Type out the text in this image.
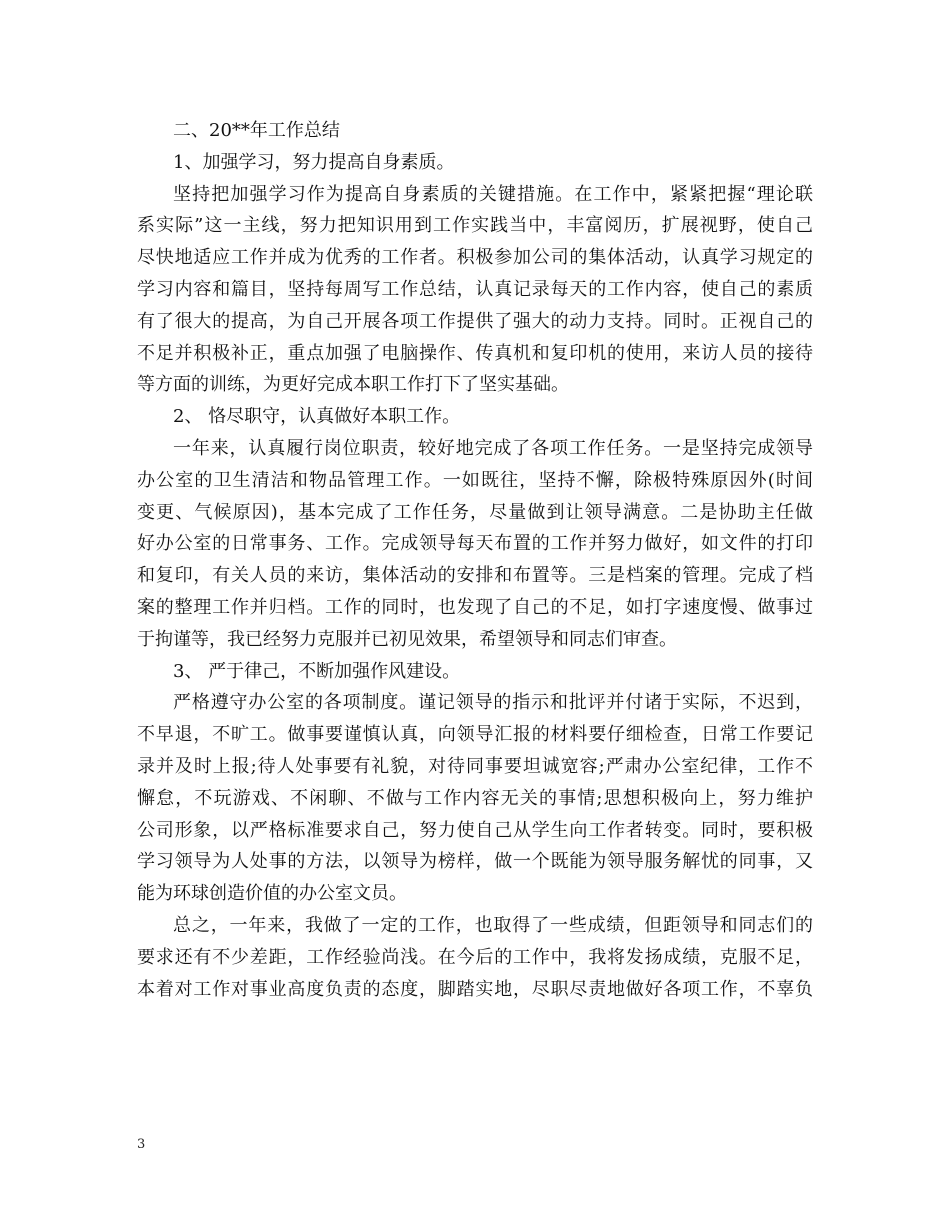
二、20**年工作总结
1、加强学习，努力提高自身素质。
坚持把加强学习作为提高自身素质的关键措施。在工作中，紧紧把握“理论联
系实际”这一主线，努力把知识用到工作实践当中，丰富阅历，扩展视野，使自己
尽快地适应工作并成为优秀的工作者。积极参加公司的集体活动，认真学习规定的
学习内容和篇目，坚持每周写工作总结，认真记录每天的工作内容，使自己的素质
有了很大的提高，为自己开展各项工作提供了强大的动力支持。同时。正视自己的
不足并积极补正，重点加强了电脑操作、传真机和复印机的使用，来访人员的接待
等方面的训练，为更好完成本职工作打下了坚实基础。
2、 恪尽职守，认真做好本职工作。
一年来，认真履行岗位职责，较好地完成了各项工作任务。一是坚持完成领导
办公室的卫生清洁和物品管理工作。一如既往，坚持不懈，除极特殊原因外(时间
变更、气候原因)，基本完成了工作任务，尽量做到让领导满意。二是协助主任做
好办公室的日常事务、工作。完成领导每天布置的工作并努力做好，如文件的打印
和复印，有关人员的来访，集体活动的安排和布置等。三是档案的管理。完成了档
案的整理工作并归档。工作的同时，也发现了自己的不足，如打字速度慢、做事过
于拘谨等，我已经努力克服并已初见效果，希望领导和同志们审查。
3、 严于律己，不断加强作风建设。
严格遵守办公室的各项制度。谨记领导的指示和批评并付诸于实际，不迟到，
不早退，不旷工。做事要谨慎认真，向领导汇报的材料要仔细检查，日常工作要记
录并及时上报;待人处事要有礼貌，对待同事要坦诚宽容;严肃办公室纪律，工作不
懈怠，不玩游戏、不闲聊、不做与工作内容无关的事情;思想积极向上，努力维护
公司形象，以严格标准要求自己，努力使自己从学生向工作者转变。同时，要积极
学习领导为人处事的方法，以领导为榜样，做一个既能为领导服务解忧的同事，又
能为环球创造价值的办公室文员。
总之，一年来，我做了一定的工作，也取得了一些成绩，但距领导和同志们的
要求还有不少差距，工作经验尚浅。在今后的工作中，我将发扬成绩，克服不足，
本着对工作对事业高度负责的态度，脚踏实地，尽职尽责地做好各项工作，不辜负
3
